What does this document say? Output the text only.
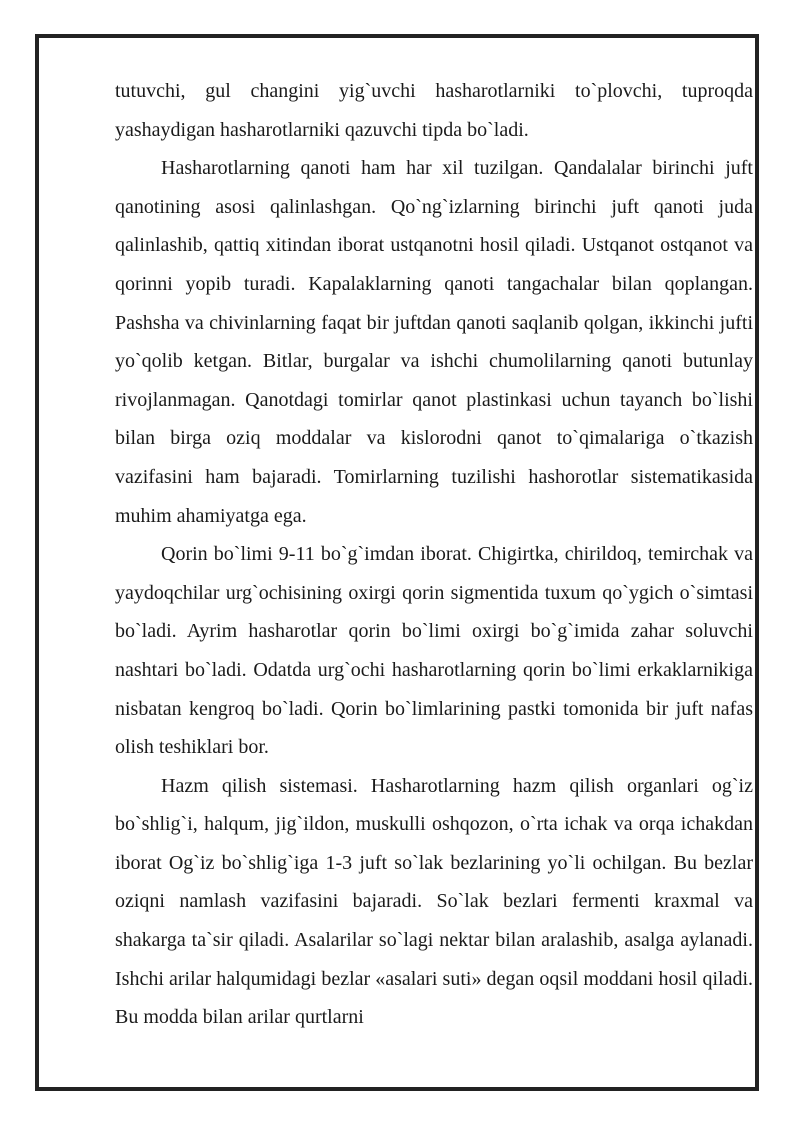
tutuvchi, gul changini yig`uvchi hasharotlarniki to`plovchi, tuproqda yashaydigan hasharotlarniki qazuvchi tipda bo`ladi.

Hasharotlarning qanoti ham har xil tuzilgan. Qandalalar birinchi juft qanotining asosi qalinlashgan. Qo`ng`izlarning birinchi juft qanoti juda qalinlashib, qattiq xitindan iborat ustqanotni hosil qiladi. Ustqanot ostqanot va qorinni yopib turadi. Kapalaklarning qanoti tangachalar bilan qoplangan. Pashsha va chivinlarning faqat bir juftdan qanoti saqlanib qolgan, ikkinchi jufti yo`qolib ketgan. Bitlar, burgalar va ishchi chumolilarning qanoti butunlay rivojlanmagan. Qanotdagi tomirlar qanot plastinkasi uchun tayanch bo`lishi bilan birga oziq moddalar va kislorodni qanot to`qimalariga o`tkazish vazifasini ham bajaradi. Tomirlarning tuzilishi hashorotlar sistematikasida muhim ahamiyatga ega.

Qorin bo`limi 9-11 bo`g`imdan iborat. Chigirtka, chirildoq, temirchak va yaydoqchilar urg`ochisining oxirgi qorin sigmentida tuxum qo`ygich o`simtasi bo`ladi. Ayrim hasharotlar qorin bo`limi oxirgi bo`g`imida zahar soluvchi nashtari bo`ladi. Odatda urg`ochi hasharotlarning qorin bo`limi erkaklarnikiga nisbatan kengroq bo`ladi. Qorin bo`limlarining pastki tomonida bir juft nafas olish teshiklari bor.

Hazm qilish sistemasi. Hasharotlarning hazm qilish organlari og`iz bo`shlig`i, halqum, jig`ildon, muskulli oshqozon, o`rta ichak va orqa ichakdan iborat Og`iz bo`shlig`iga 1-3 juft so`lak bezlarining yo`li ochilgan. Bu bezlar oziqni namlash vazifasini bajaradi. So`lak bezlari fermenti kraxmal va shakarga ta`sir qiladi. Asalarilar so`lagi nektar bilan aralashib, asalga aylanadi. Ishchi arilar halqumidagi bezlar «asalari suti» degan oqsil moddani hosil qiladi. Bu modda bilan arilar qurtlarni
